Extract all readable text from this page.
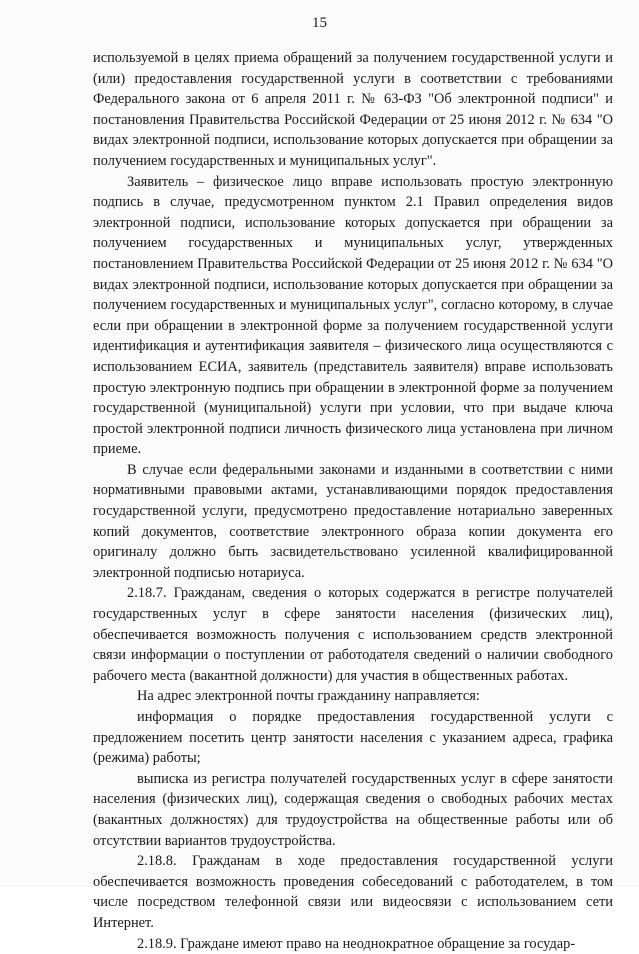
15

используемой в целях приема обращений за получением государственной услуги и (или) предоставления государственной услуги в соответствии с требованиями Федерального закона от 6 апреля 2011 г. № 63-ФЗ "Об электронной подписи" и постановления Правительства Российской Федерации от 25 июня 2012 г. № 634 "О видах электронной подписи, использование которых допускается при обращении за получением государственных и муниципальных услуг".

Заявитель – физическое лицо вправе использовать простую электронную подпись в случае, предусмотренном пунктом 2.1 Правил определения видов электронной подписи, использование которых допускается при обращении за получением государственных и муниципальных услуг, утвержденных постановлением Правительства Российской Федерации от 25 июня 2012 г. № 634 "О видах электронной подписи, использование которых допускается при обращении за получением государственных и муниципальных услуг", согласно которому, в случае если при обращении в электронной форме за получением государственной услуги идентификация и аутентификация заявителя – физического лица осуществляются с использованием ЕСИА, заявитель (представитель заявителя) вправе использовать простую электронную подпись при обращении в электронной форме за получением государственной (муниципальной) услуги при условии, что при выдаче ключа простой электронной подписи личность физического лица установлена при личном приеме.

В случае если федеральными законами и изданными в соответствии с ними нормативными правовыми актами, устанавливающими порядок предоставления государственной услуги, предусмотрено предоставление нотариально заверенных копий документов, соответствие электронного образа копии документа его оригиналу должно быть засвидетельствовано усиленной квалифицированной электронной подписью нотариуса.

2.18.7. Гражданам, сведения о которых содержатся в регистре получателей государственных услуг в сфере занятости населения (физических лиц), обеспечивается возможность получения с использованием средств электронной связи информации о поступлении от работодателя сведений о наличии свободного рабочего места (вакантной должности) для участия в общественных работах.

На адрес электронной почты гражданину направляется:

информация о порядке предоставления государственной услуги с предложением посетить центр занятости населения с указанием адреса, графика (режима) работы;

выписка из регистра получателей государственных услуг в сфере занятости населения (физических лиц), содержащая сведения о свободных рабочих местах (вакантных должностях) для трудоустройства на общественные работы или об отсутствии вариантов трудоустройства.

2.18.8. Гражданам в ходе предоставления государственной услуги обеспечивается возможность проведения собеседований с работодателем, в том числе посредством телефонной связи или видеосвязи с использованием сети Интернет.

2.18.9. Граждане имеют право на неоднократное обращение за государ-
